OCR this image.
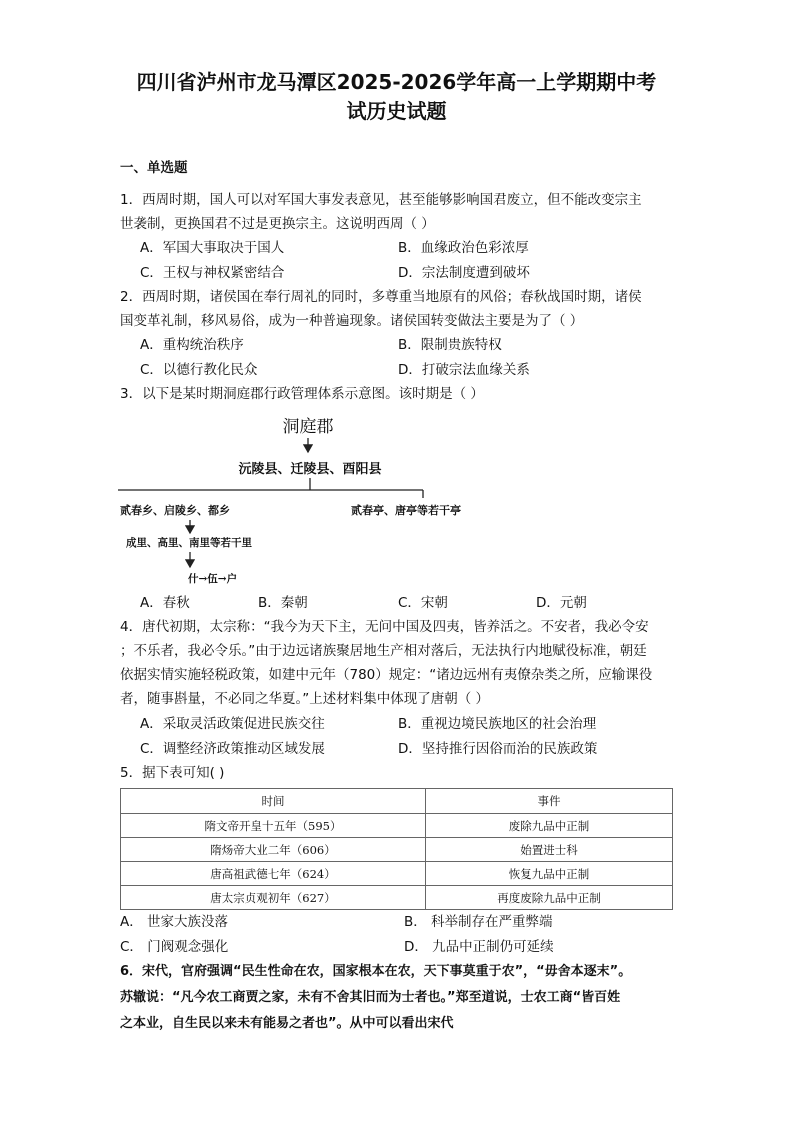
四川省泸州市龙马潭区2025-2026学年高一上学期期中考
试历史试题
一、单选题
1．西周时期，国人可以对军国大事发表意见，甚至能够影响国君废立，但不能改变宗主
世袭制，更换国君不过是更换宗主。这说明西周（ ）
A．军国大事取决于国人	B．血缘政治色彩浓厚
C．王权与神权紧密结合	D．宗法制度遭到破坏
2．西周时期，诸侯国在奉行周礼的同时，多尊重当地原有的风俗；春秋战国时期，诸侯
国变革礼制，移风易俗，成为一种普遍现象。诸侯国转变做法主要是为了（ ）
A．重构统治秩序	B．限制贵族特权
C．以德行教化民众	D．打破宗法血缘关系
3．以下是某时期洞庭郡行政管理体系示意图。该时期是（ ）
洞庭郡
沅陵县、迁陵县、酉阳县
贰春乡、启陵乡、都乡	贰春亭、唐亭等若干亭
成里、高里、南里等若干里
什→伍→户
A．春秋	B．秦朝	C．宋朝	D．元朝
4．唐代初期，太宗称：“我今为天下主，无问中国及四夷，皆养活之。不安者，我必令安
；不乐者，我必令乐。”由于边远诸族聚居地生产相对落后，无法执行内地赋役标准，朝廷
依据实情实施轻税政策，如建中元年（780）规定：“诸边远州有夷僚杂类之所，应输课役
者，随事斟量，不必同之华夏。”上述材料集中体现了唐朝（ ）
A．采取灵活政策促进民族交往	B．重视边境民族地区的社会治理
C．调整经济政策推动区域发展	D．坚持推行因俗而治的民族政策
5．据下表可知( )
时间	事件
隋文帝开皇十五年（595）	废除九品中正制
隋炀帝大业二年（606）	始置进士科
唐高祖武德七年（624）	恢复九品中正制
唐太宗贞观初年（627）	再度废除九品中正制
A． 世家大族没落	B． 科举制存在严重弊端
C． 门阀观念强化	D． 九品中正制仍可延续
6．宋代，官府强调“民生性命在农，国家根本在农，天下事莫重于农”，“毋舍本逐末”。
苏辙说：“凡今农工商贾之家，未有不舍其旧而为士者也。”郑至道说，士农工商“皆百姓
之本业，自生民以来未有能易之者也”。从中可以看出宋代
